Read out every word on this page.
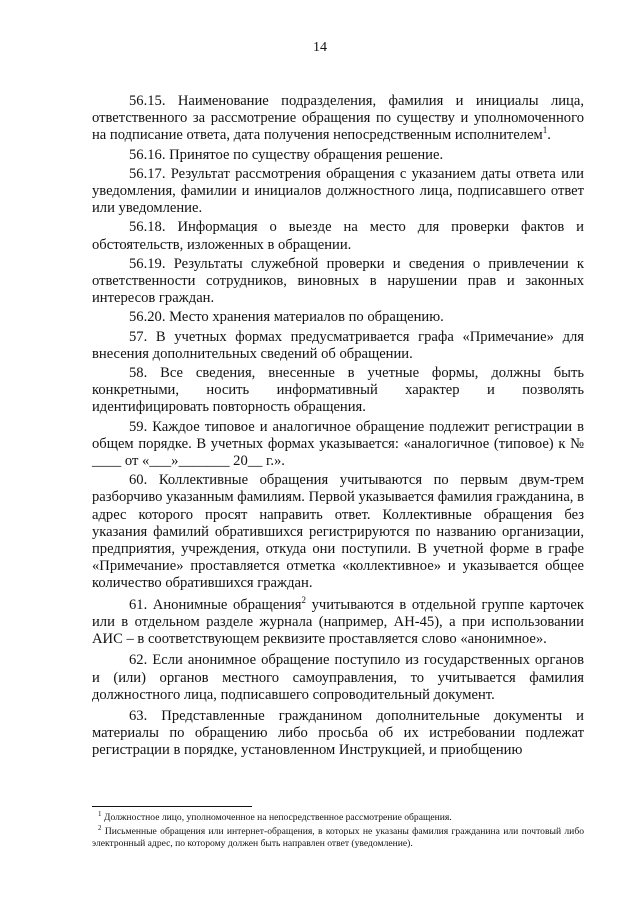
14

56.15. Наименование подразделения, фамилия и инициалы лица, ответственного за рассмотрение обращения по существу и уполномоченного на подписание ответа, дата получения непосредственным исполнителем$^1$.

56.16. Принятое по существу обращения решение.

56.17. Результат рассмотрения обращения с указанием даты ответа или уведомления, фамилии и инициалов должностного лица, подписавшего ответ или уведомление.

56.18. Информация о выезде на место для проверки фактов и обстоятельств, изложенных в обращении.

56.19. Результаты служебной проверки и сведения о привлечении к ответственности сотрудников, виновных в нарушении прав и законных интересов граждан.

56.20. Место хранения материалов по обращению.

57. В учетных формах предусматривается графа «Примечание» для внесения дополнительных сведений об обращении.

58. Все сведения, внесенные в учетные формы, должны быть конкретными, носить информативный характер и позволять идентифицировать повторность обращения.

59. Каждое типовое и аналогичное обращение подлежит регистрации в общем порядке. В учетных формах указывается: «аналогичное (типовое) к № ____ от «___»_______ 20__ г.».

60. Коллективные обращения учитываются по первым двум-трем разборчиво указанным фамилиям. Первой указывается фамилия гражданина, в адрес которого просят направить ответ. Коллективные обращения без указания фамилий обратившихся регистрируются по названию организации, предприятия, учреждения, откуда они поступили. В учетной форме в графе «Примечание» проставляется отметка «коллективное» и указывается общее количество обратившихся граждан.

61. Анонимные обращения$^2$ учитываются в отдельной группе карточек или в отдельном разделе журнала (например, АН-45), а при использовании АИС – в соответствующем реквизите проставляется слово «анонимное».

62. Если анонимное обращение поступило из государственных органов и (или) органов местного самоуправления, то учитывается фамилия должностного лица, подписавшего сопроводительный документ.

63. Представленные гражданином дополнительные документы и материалы по обращению либо просьба об их истребовании подлежат регистрации в порядке, установленном Инструкцией, и приобщению

$^1$ Должностное лицо, уполномоченное на непосредственное рассмотрение обращения.

$^2$ Письменные обращения или интернет-обращения, в которых не указаны фамилия гражданина или почтовый либо электронный адрес, по которому должен быть направлен ответ (уведомление).
